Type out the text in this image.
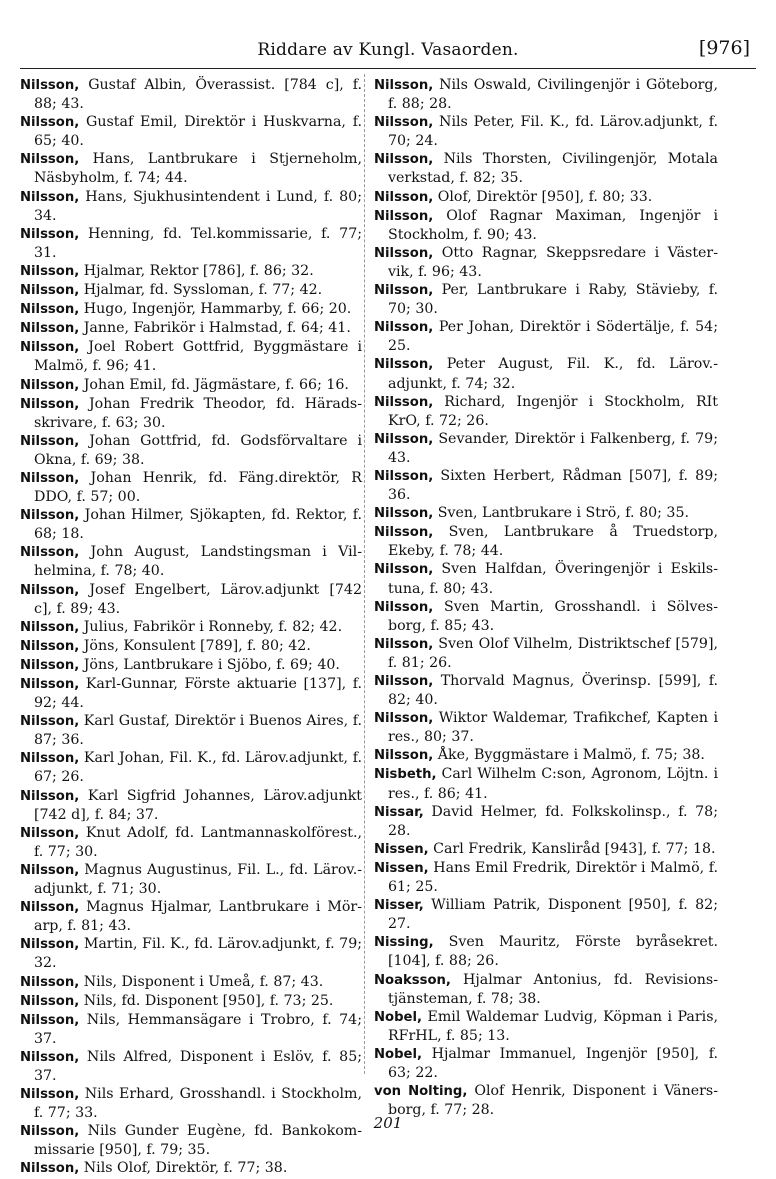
Riddare av Kungl. Vasaorden.	[976]

Nilsson, Gustaf Albin, Överassist. [784 c], f. 88; 43.

Nilsson, Gustaf Emil, Direktör i Huskvarna, f. 65; 40.

Nilsson, Hans, Lantbrukare i Stjerneholm, Näsbyholm, f. 74; 44.

Nilsson, Hans, Sjukhusintendent i Lund, f. 80; 34.

Nilsson, Henning, fd. Tel.kommissarie, f. 77; 31.

Nilsson, Hjalmar, Rektor [786], f. 86; 32.

Nilsson, Hjalmar, fd. Syssloman, f. 77; 42.

Nilsson, Hugo, Ingenjör, Hammarby, f. 66; 20.

Nilsson, Janne, Fabrikör i Halmstad, f. 64; 41.

Nilsson, Joel Robert Gottfrid, Byggmästare i Malmö, f. 96; 41.

Nilsson, Johan Emil, fd. Jägmästare, f. 66; 16.

Nilsson, Johan Fredrik Theodor, fd. Härads-skrivare, f. 63; 30.

Nilsson, Johan Gottfrid, fd. Godsförvaltare i Okna, f. 69; 38.

Nilsson, Johan Henrik, fd. Fäng.direktör, R DDO, f. 57; 00.

Nilsson, Johan Hilmer, Sjökapten, fd. Rektor, f. 68; 18.

Nilsson, John August, Landstingsman i Vil-helmina, f. 78; 40.

Nilsson, Josef Engelbert, Lärov.adjunkt [742 c], f. 89; 43.

Nilsson, Julius, Fabrikör i Ronneby, f. 82; 42.

Nilsson, Jöns, Konsulent [789], f. 80; 42.

Nilsson, Jöns, Lantbrukare i Sjöbo, f. 69; 40.

Nilsson, Karl-Gunnar, Förste aktuarie [137], f. 92; 44.

Nilsson, Karl Gustaf, Direktör i Buenos Aires, f. 87; 36.

Nilsson, Karl Johan, Fil. K., fd. Lärov.adjunkt, f. 67; 26.

Nilsson, Karl Sigfrid Johannes, Lärov.adjunkt [742 d], f. 84; 37.

Nilsson, Knut Adolf, fd. Lantmannaskolförest., f. 77; 30.

Nilsson, Magnus Augustinus, Fil. L., fd. Lärov.-adjunkt, f. 71; 30.

Nilsson, Magnus Hjalmar, Lantbrukare i Mör-arp, f. 81; 43.

Nilsson, Martin, Fil. K., fd. Lärov.adjunkt, f. 79; 32.

Nilsson, Nils, Disponent i Umeå, f. 87; 43.

Nilsson, Nils, fd. Disponent [950], f. 73; 25.

Nilsson, Nils, Hemmansägare i Trobro, f. 74; 37.

Nilsson, Nils Alfred, Disponent i Eslöv, f. 85; 37.

Nilsson, Nils Erhard, Grosshandl. i Stockholm, f. 77; 33.

Nilsson, Nils Gunder Eugène, fd. Bankokom-missarie [950], f. 79; 35.

Nilsson, Nils Olof, Direktör, f. 77; 38.

Nilsson, Nils Oswald, Civilingenjör i Göteborg, f. 88; 28.

Nilsson, Nils Peter, Fil. K., fd. Lärov.adjunkt, f. 70; 24.

Nilsson, Nils Thorsten, Civilingenjör, Motala verkstad, f. 82; 35.

Nilsson, Olof, Direktör [950], f. 80; 33.

Nilsson, Olof Ragnar Maximan, Ingenjör i Stockholm, f. 90; 43.

Nilsson, Otto Ragnar, Skeppsredare i Väster-vik, f. 96; 43.

Nilsson, Per, Lantbrukare i Raby, Stävieby, f. 70; 30.

Nilsson, Per Johan, Direktör i Södertälje, f. 54; 25.

Nilsson, Peter August, Fil. K., fd. Lärov.-adjunkt, f. 74; 32.

Nilsson, Richard, Ingenjör i Stockholm, RIt KrO, f. 72; 26.

Nilsson, Sevander, Direktör i Falkenberg, f. 79; 43.

Nilsson, Sixten Herbert, Rådman [507], f. 89; 36.

Nilsson, Sven, Lantbrukare i Strö, f. 80; 35.

Nilsson, Sven, Lantbrukare å Truedstorp, Ekeby, f. 78; 44.

Nilsson, Sven Halfdan, Överingenjör i Eskils-tuna, f. 80; 43.

Nilsson, Sven Martin, Grosshandl. i Sölves-borg, f. 85; 43.

Nilsson, Sven Olof Vilhelm, Distriktschef [579], f. 81; 26.

Nilsson, Thorvald Magnus, Överinsp. [599], f. 82; 40.

Nilsson, Wiktor Waldemar, Trafikchef, Kapten i res., 80; 37.

Nilsson, Åke, Byggmästare i Malmö, f. 75; 38.

Nisbeth, Carl Wilhelm C:son, Agronom, Löjtn. i res., f. 86; 41.

Nissar, David Helmer, fd. Folkskolinsp., f. 78; 28.

Nissen, Carl Fredrik, Kansliråd [943], f. 77; 18.

Nissen, Hans Emil Fredrik, Direktör i Malmö, f. 61; 25.

Nisser, William Patrik, Disponent [950], f. 82; 27.

Nissing, Sven Mauritz, Förste byråsekret. [104], f. 88; 26.

Noaksson, Hjalmar Antonius, fd. Revisions-tjänsteman, f. 78; 38.

Nobel, Emil Waldemar Ludvig, Köpman i Paris, RFrHL, f. 85; 13.

Nobel, Hjalmar Immanuel, Ingenjör [950], f. 63; 22.

von Nolting, Olof Henrik, Disponent i Väners-borg, f. 77; 28.

201
